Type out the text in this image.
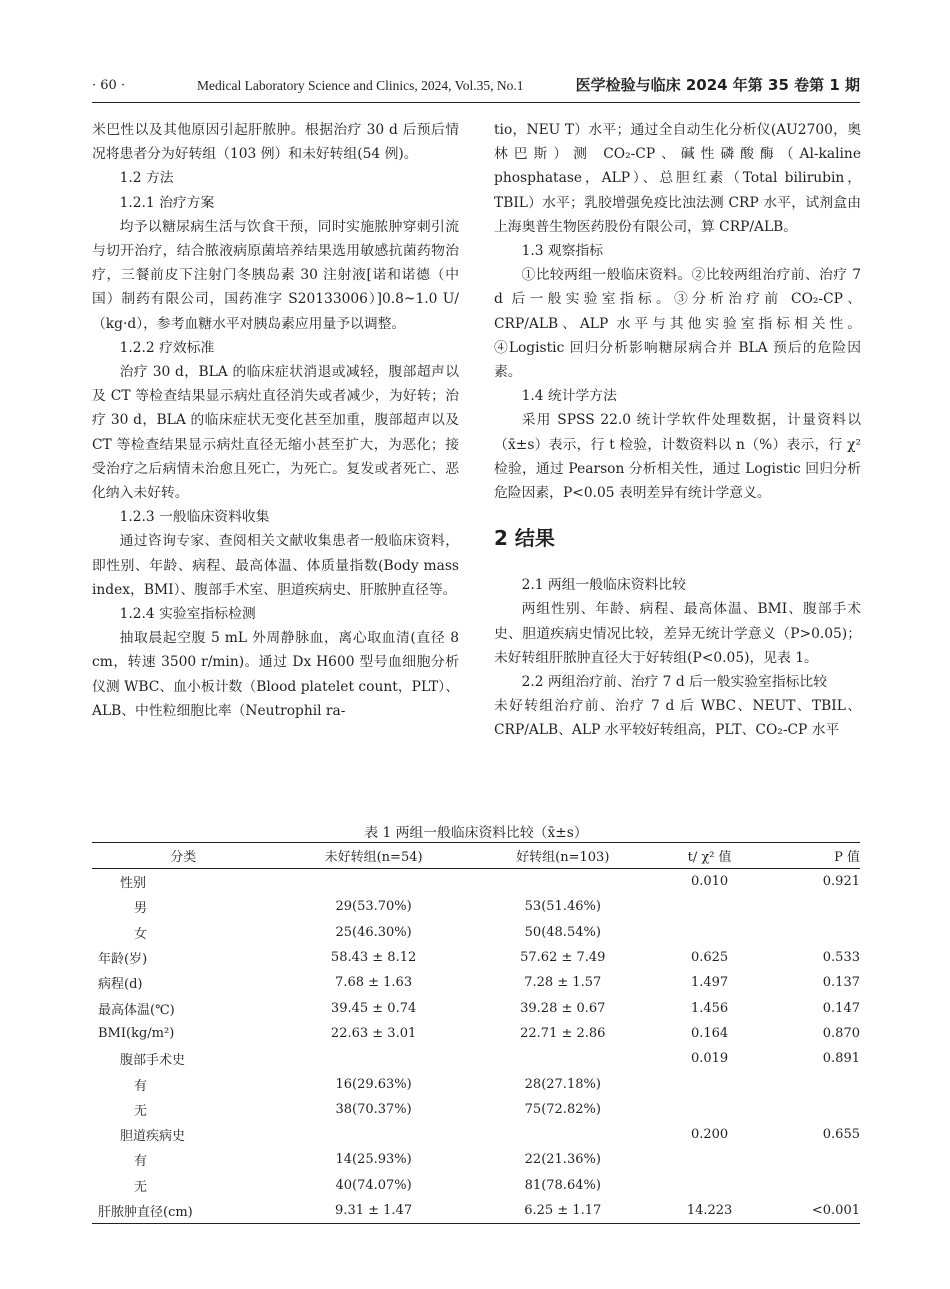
· 60 ·	Medical Laboratory Science and Clinics, 2024, Vol.35, No.1	医学检验与临床 2024 年第 35 卷第 1 期

米巴性以及其他原因引起肝脓肿。根据治疗 30 d 后预后情况将患者分为好转组（103 例）和未好转组(54 例)。

1.2 方法
1.2.1 治疗方案

均予以糖尿病生活与饮食干预，同时实施脓肿穿刺引流与切开治疗，结合脓液病原菌培养结果选用敏感抗菌药物治疗，三餐前皮下注射门冬胰岛素 30 注射液[诺和诺德（中国）制药有限公司，国药准字 S20133006）]0.8~1.0 U/（kg·d），参考血糖水平对胰岛素应用量予以调整。

1.2.2 疗效标准

治疗 30 d，BLA 的临床症状消退或减轻，腹部超声以及 CT 等检查结果显示病灶直径消失或者减少，为好转；治疗 30 d，BLA 的临床症状无变化甚至加重，腹部超声以及 CT 等检查结果显示病灶直径无缩小甚至扩大，为恶化；接受治疗之后病情未治愈且死亡，为死亡。复发或者死亡、恶化纳入未好转。

1.2.3 一般临床资料收集

通过咨询专家、查阅相关文献收集患者一般临床资料，即性别、年龄、病程、最高体温、体质量指数(Body mass index，BMI）、腹部手术室、胆道疾病史、肝脓肿直径等。

1.2.4 实验室指标检测

抽取晨起空腹 5 mL 外周静脉血，离心取血清(直径 8 cm，转速 3500 r/min)。通过 Dx H600 型号血细胞分析仪测 WBC、血小板计数（Blood platelet count，PLT）、ALB、中性粒细胞比率（Neutrophil ra-

tio，NEU T）水平；通过全自动生化分析仪(AU2700，奥林巴斯）测 CO₂-CP、碱性磷酸酶（Al-kaline phosphatase，ALP）、总胆红素（Total bilirubin，TBIL）水平；乳胶增强免疫比浊法测 CRP 水平，试剂盒由上海奥普生物医药股份有限公司，算 CRP/ALB。

1.3 观察指标

①比较两组一般临床资料。②比较两组治疗前、治疗 7 d 后一般实验室指标。③分析治疗前 CO₂-CP、CRP/ALB、ALP 水平与其他实验室指标相关性。④Logistic 回归分析影响糖尿病合并 BLA 预后的危险因素。

1.4 统计学方法

采用 SPSS 22.0 统计学软件处理数据，计量资料以（x̄±s）表示，行 t 检验，计数资料以 n（%）表示，行 χ² 检验，通过 Pearson 分析相关性，通过 Logistic 回归分析危险因素，P<0.05 表明差异有统计学意义。

2 结果
2.1 两组一般临床资料比较

两组性别、年龄、病程、最高体温、BMI、腹部手术史、胆道疾病史情况比较，差异无统计学意义（P>0.05)；未好转组肝脓肿直径大于好转组(P<0.05)，见表 1。

2.2 两组治疗前、治疗 7 d 后一般实验室指标比较

未好转组治疗前、治疗 7 d 后 WBC、NEUT、TBIL、CRP/ALB、ALP 水平较好转组高，PLT、CO₂-CP 水平

表 1 两组一般临床资料比较（x̄±s）
分类	未好转组(n=54)	好转组(n=103)	t/ χ² 值	P 值
性别			0.010	0.921
男	29(53.70%)	53(51.46%)		
女	25(46.30%)	50(48.54%)		
年龄(岁)	58.43 ± 8.12	57.62 ± 7.49	0.625	0.533
病程(d)	7.68 ± 1.63	7.28 ± 1.57	1.497	0.137
最高体温(℃)	39.45 ± 0.74	39.28 ± 0.67	1.456	0.147
BMI(kg/m²)	22.63 ± 3.01	22.71 ± 2.86	0.164	0.870
腹部手术史			0.019	0.891
有	16(29.63%)	28(27.18%)		
无	38(70.37%)	75(72.82%)		
胆道疾病史			0.200	0.655
有	14(25.93%)	22(21.36%)		
无	40(74.07%)	81(78.64%)		
肝脓肿直径(cm)	9.31 ± 1.47	6.25 ± 1.17	14.223	<0.001
